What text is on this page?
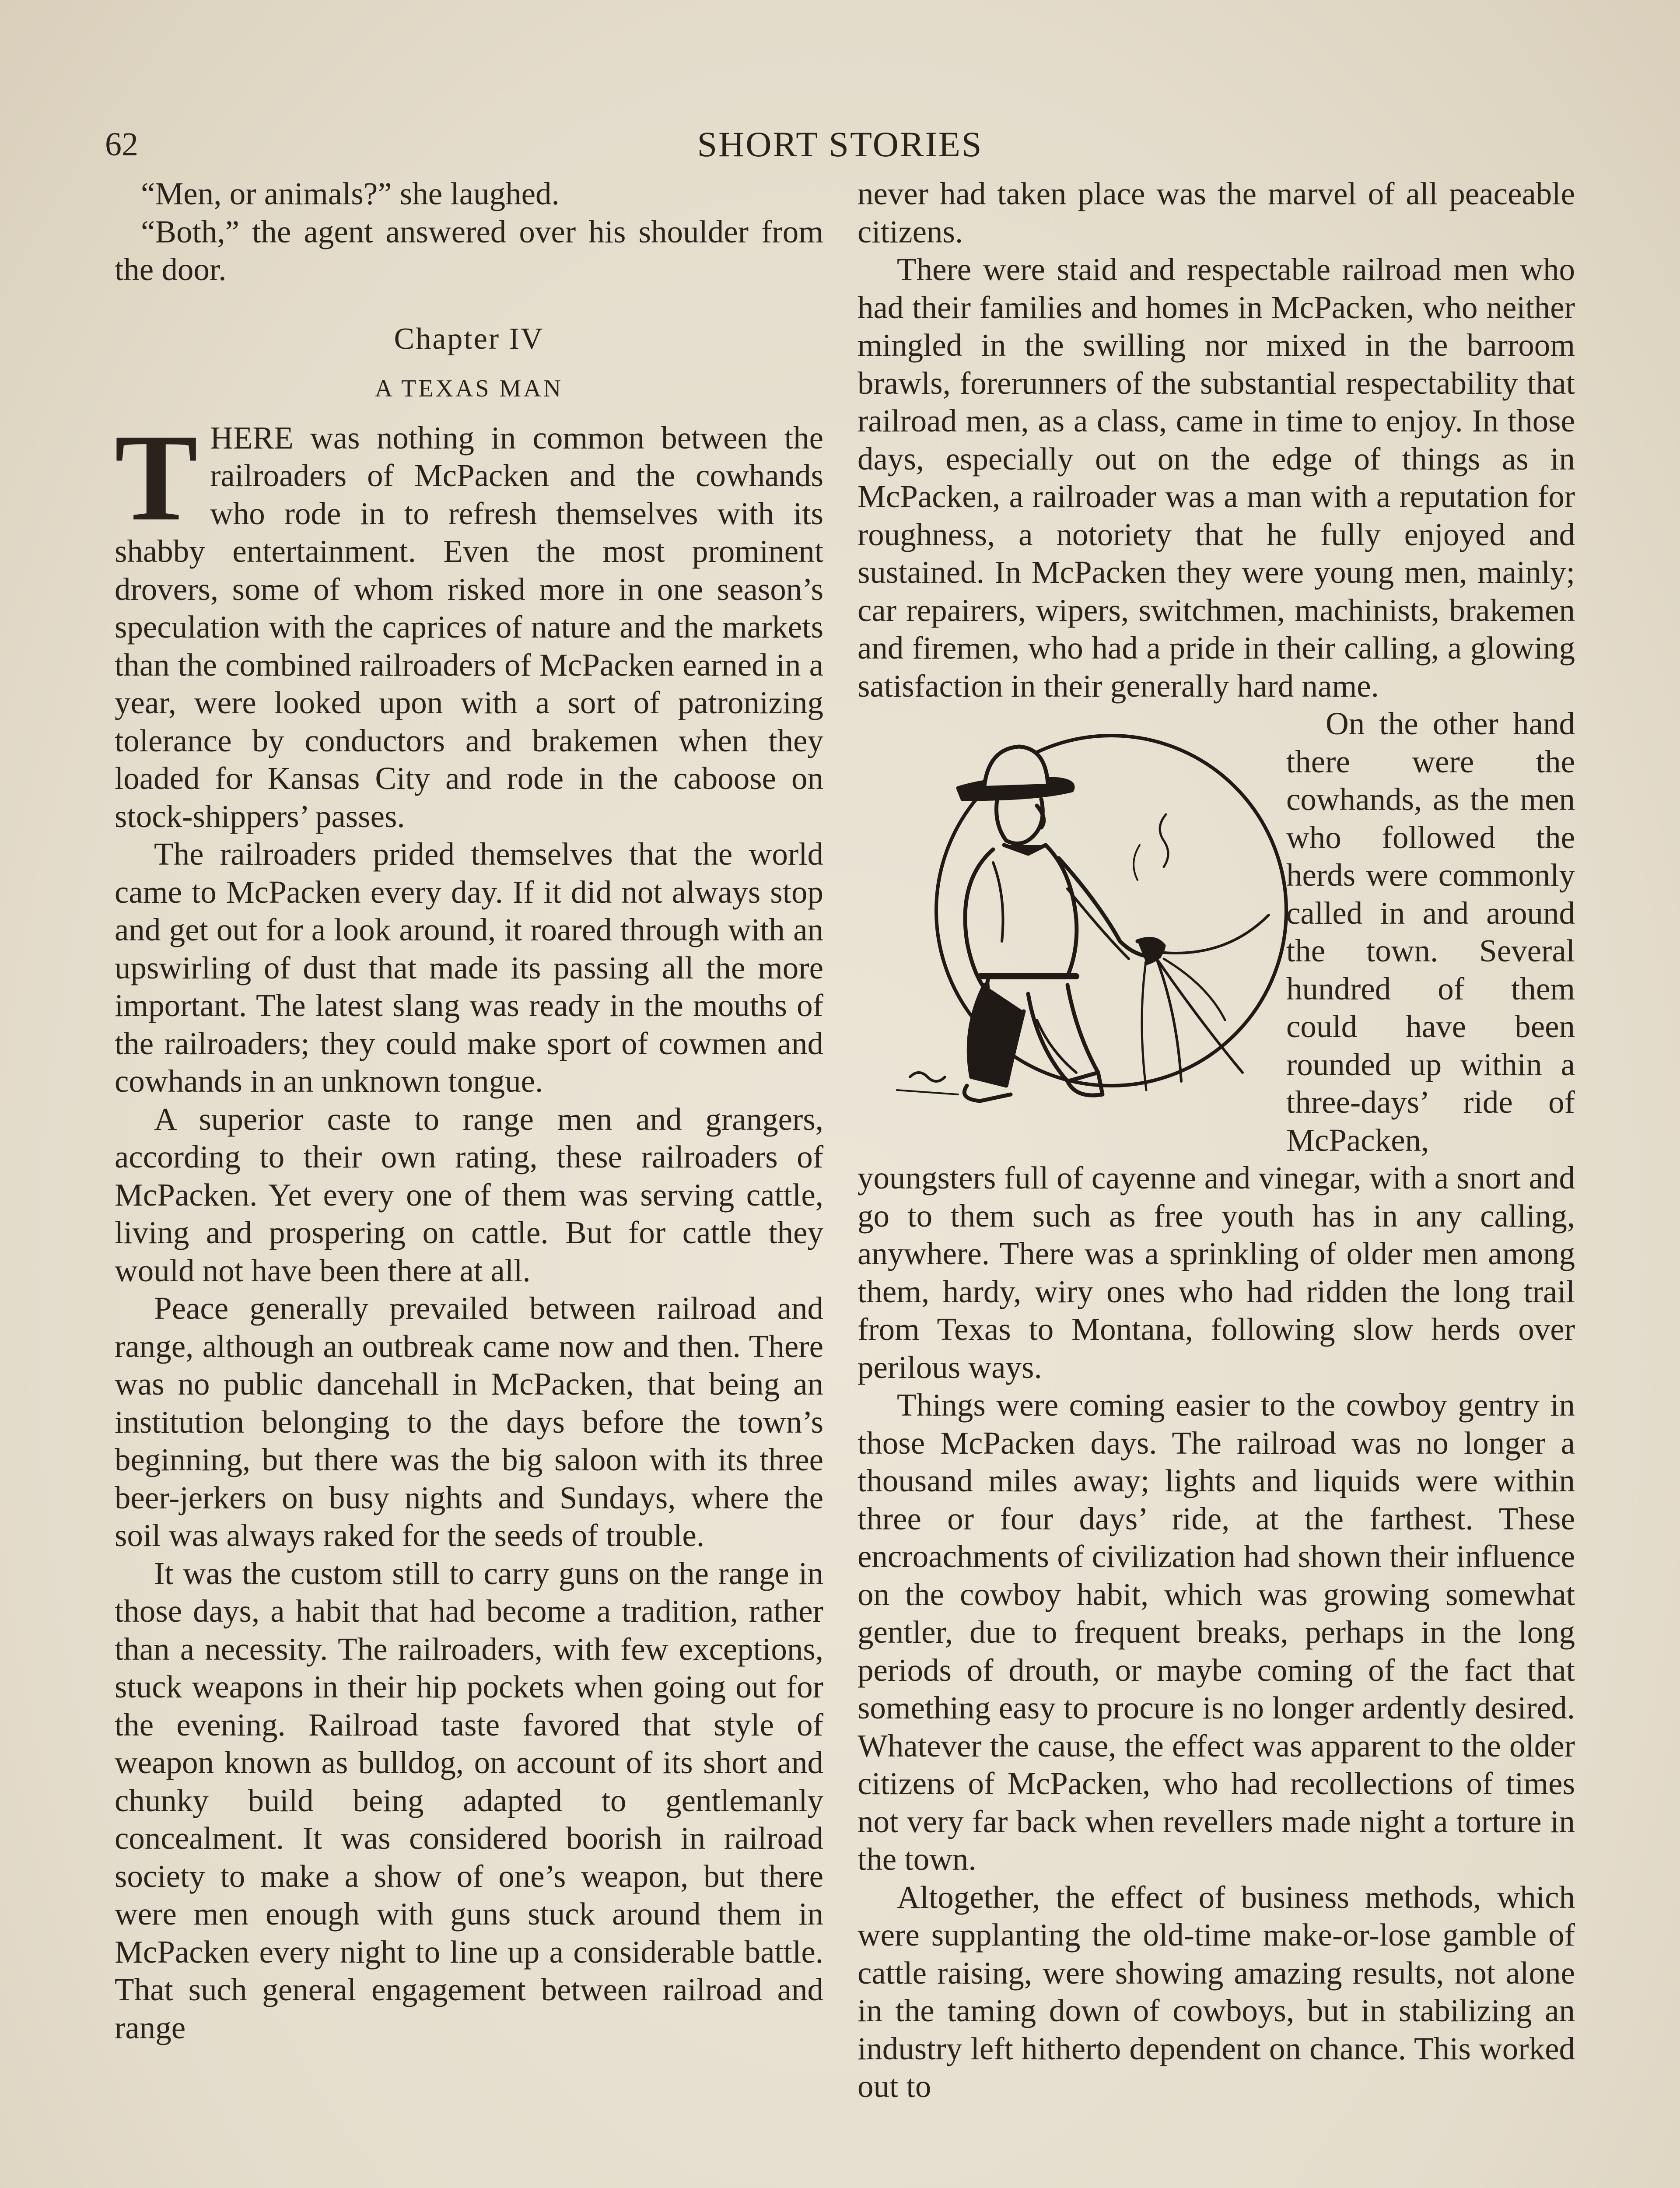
62	SHORT STORIES

“Men, or animals?” she laughed.

“Both,” the agent answered over his shoulder from the door.

Chapter IV
A TEXAS MAN

THERE was nothing in common between the railroaders of McPacken and the cowhands who rode in to refresh themselves with its shabby entertainment. Even the most prominent drovers, some of whom risked more in one season’s speculation with the caprices of nature and the markets than the combined railroaders of McPacken earned in a year, were looked upon with a sort of patronizing tolerance by conductors and brakemen when they loaded for Kansas City and rode in the caboose on stock-shippers’ passes.

The railroaders prided themselves that the world came to McPacken every day. If it did not always stop and get out for a look around, it roared through with an upswirling of dust that made its passing all the more important. The latest slang was ready in the mouths of the railroaders; they could make sport of cowmen and cowhands in an unknown tongue.

A superior caste to range men and grangers, according to their own rating, these railroaders of McPacken. Yet every one of them was serving cattle, living and prospering on cattle. But for cattle they would not have been there at all.

Peace generally prevailed between railroad and range, although an outbreak came now and then. There was no public dancehall in McPacken, that being an institution belonging to the days before the town’s beginning, but there was the big saloon with its three beer-jerkers on busy nights and Sundays, where the soil was always raked for the seeds of trouble.

It was the custom still to carry guns on the range in those days, a habit that had become a tradition, rather than a necessity. The railroaders, with few exceptions, stuck weapons in their hip pockets when going out for the evening. Railroad taste favored that style of weapon known as bulldog, on account of its short and chunky build being adapted to gentlemanly concealment. It was considered boorish in railroad society to make a show of one’s weapon, but there were men enough with guns stuck around them in McPacken every night to line up a considerable battle. That such general engagement between railroad and range

never had taken place was the marvel of all peaceable citizens.

There were staid and respectable railroad men who had their families and homes in McPacken, who neither mingled in the swilling nor mixed in the barroom brawls, forerunners of the substantial respectability that railroad men, as a class, came in time to enjoy. In those days, especially out on the edge of things as in McPacken, a railroader was a man with a reputation for roughness, a notoriety that he fully enjoyed and sustained. In McPacken they were young men, mainly; car repairers, wipers, switchmen, machinists, brakemen and firemen, who had a pride in their calling, a glowing satisfaction in their generally hard name.

On the other hand there were the cowhands, as the men who followed the herds were commonly called in and around the town. Several hundred of them could have been rounded up within a three-days’ ride of McPacken, youngsters full of cayenne and vinegar, with a snort and go to them such as free youth has in any calling, anywhere. There was a sprinkling of older men among them, hardy, wiry ones who had ridden the long trail from Texas to Montana, following slow herds over perilous ways.

Things were coming easier to the cowboy gentry in those McPacken days. The railroad was no longer a thousand miles away; lights and liquids were within three or four days’ ride, at the farthest. These encroachments of civilization had shown their influence on the cowboy habit, which was growing somewhat gentler, due to frequent breaks, perhaps in the long periods of drouth, or maybe coming of the fact that something easy to procure is no longer ardently desired. Whatever the cause, the effect was apparent to the older citizens of McPacken, who had recollections of times not very far back when revellers made night a torture in the town.

Altogether, the effect of business methods, which were supplanting the old-time make-or-lose gamble of cattle raising, were showing amazing results, not alone in the taming down of cowboys, but in stabilizing an industry left hitherto dependent on chance. This worked out to
